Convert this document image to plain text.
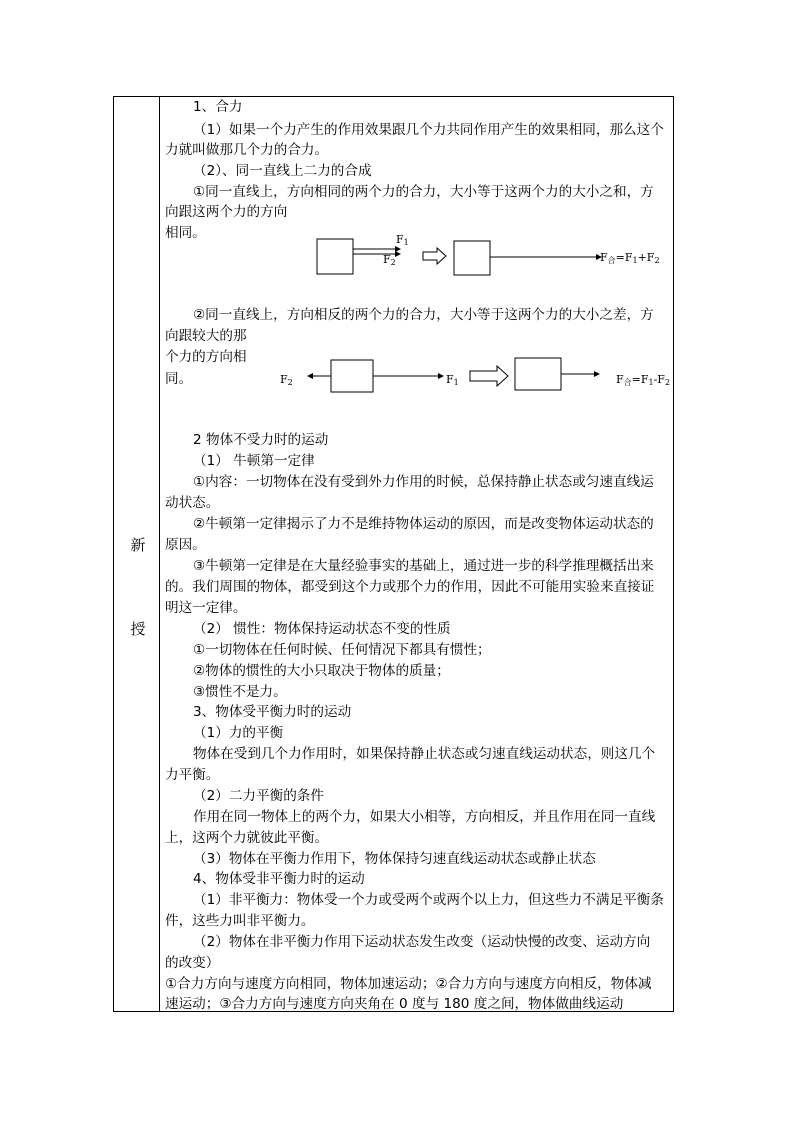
新
授
1、合力
（1）如果一个力产生的作用效果跟几个力共同作用产生的效果相同，那么这个
力就叫做那几个力的合力。
（2）、同一直线上二力的合成
①同一直线上，方向相同的两个力的合力，大小等于这两个力的大小之和，方
向跟这两个力的方向
相同。	F1
F2	F合=F1+F2
②同一直线上，方向相反的两个力的合力，大小等于这两个力的大小之差，方
向跟较大的那
个力的方向相
同。	F2	F1	F合=F1-F2
2 物体不受力时的运动
（1） 牛顿第一定律
①内容：一切物体在没有受到外力作用的时候，总保持静止状态或匀速直线运
动状态。
②牛顿第一定律揭示了力不是维持物体运动的原因，而是改变物体运动状态的
原因。
③牛顿第一定律是在大量经验事实的基础上，通过进一步的科学推理概括出来
的。我们周围的物体，都受到这个力或那个力的作用，因此不可能用实验来直接证
明这一定律。
（2） 惯性：物体保持运动状态不变的性质
①一切物体在任何时候、任何情况下都具有惯性；
②物体的惯性的大小只取决于物体的质量；
③惯性不是力。
3、物体受平衡力时的运动
（1）力的平衡
物体在受到几个力作用时，如果保持静止状态或匀速直线运动状态，则这几个
力平衡。
（2）二力平衡的条件
作用在同一物体上的两个力，如果大小相等，方向相反，并且作用在同一直线
上，这两个力就彼此平衡。
（3）物体在平衡力作用下，物体保持匀速直线运动状态或静止状态
4、物体受非平衡力时的运动
（1）非平衡力：物体受一个力或受两个或两个以上力，但这些力不满足平衡条
件，这些力叫非平衡力。
（2）物体在非平衡力作用下运动状态发生改变（运动快慢的改变、运动方向
的改变）
①合力方向与速度方向相同，物体加速运动；②合力方向与速度方向相反，物体减
速运动；③合力方向与速度方向夹角在 0 度与 180 度之间，物体做曲线运动
